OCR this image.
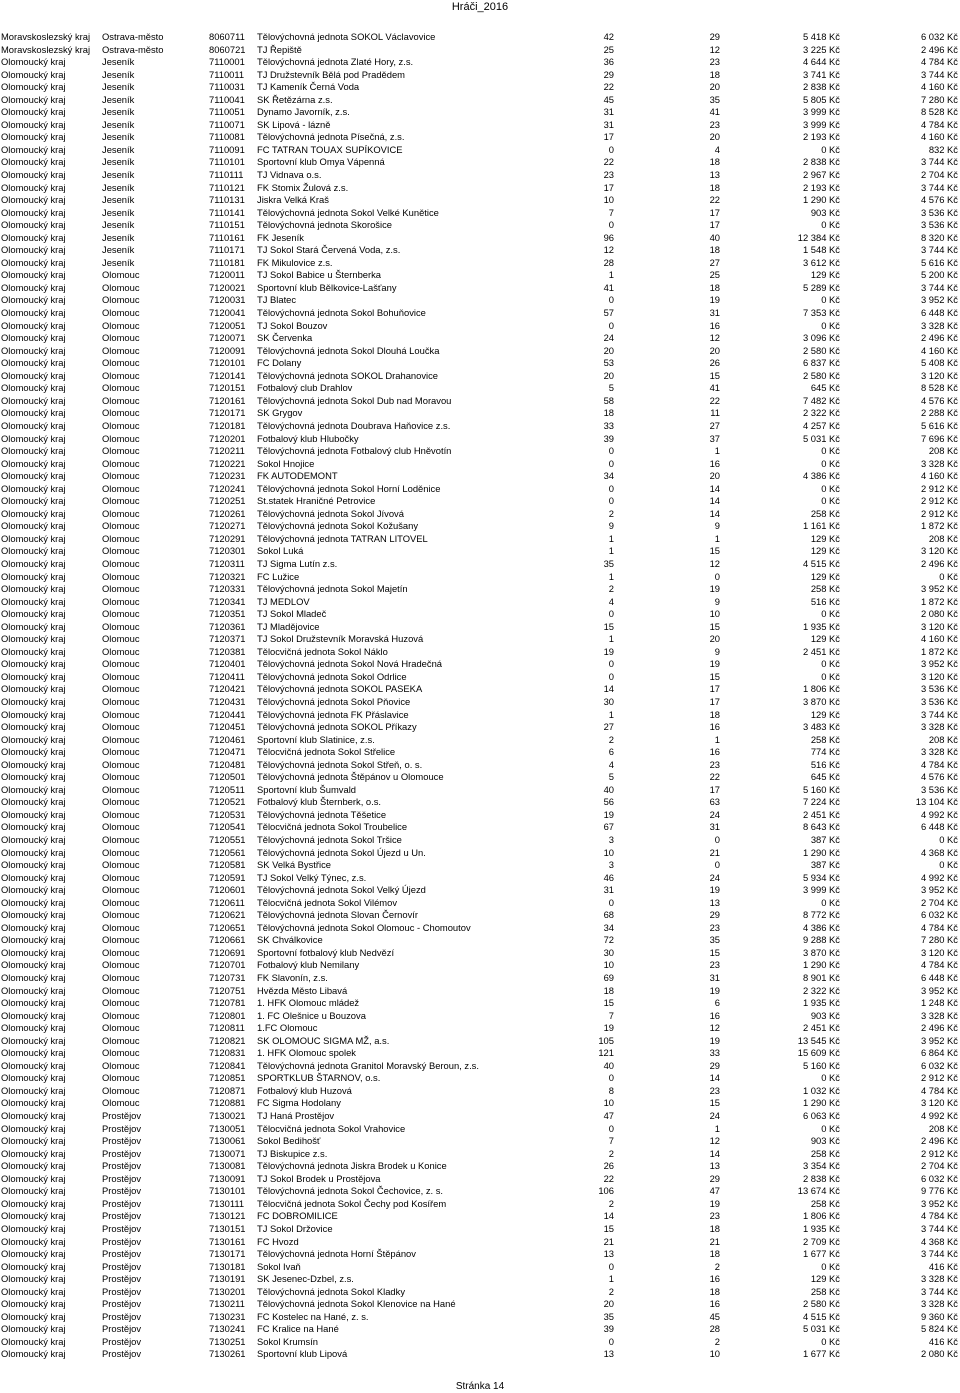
Hráči_2016
Moravskoslezský kraj	Ostrava-město	8060711	Tělovýchovná jednota SOKOL Václavovice	42	29	5 418 Kč	6 032 Kč
Moravskoslezský kraj	Ostrava-město	8060721	TJ Řepiště	25	12	3 225 Kč	2 496 Kč
Olomoucký kraj	Jeseník	7110001	Tělovýchovná jednota Zlaté Hory, z.s.	36	23	4 644 Kč	4 784 Kč
Olomoucký kraj	Jeseník	7110011	TJ Družstevník Bělá pod Pradědem	29	18	3 741 Kč	3 744 Kč
Olomoucký kraj	Jeseník	7110031	TJ Kameník Černá Voda	22	20	2 838 Kč	4 160 Kč
Olomoucký kraj	Jeseník	7110041	SK Řetězárna z.s.	45	35	5 805 Kč	7 280 Kč
Olomoucký kraj	Jeseník	7110051	Dynamo Javorník, z.s.	31	41	3 999 Kč	8 528 Kč
Olomoucký kraj	Jeseník	7110071	SK Lipová - lázně	31	23	3 999 Kč	4 784 Kč
Olomoucký kraj	Jeseník	7110081	Tělovýchovná jednota Písečná, z.s.	17	20	2 193 Kč	4 160 Kč
Olomoucký kraj	Jeseník	7110091	FC TATRAN TOUAX SUPÍKOVICE	0	4	0 Kč	832 Kč
Olomoucký kraj	Jeseník	7110101	Sportovní klub Omya Vápenná	22	18	2 838 Kč	3 744 Kč
Olomoucký kraj	Jeseník	7110111	TJ Vidnava o.s.	23	13	2 967 Kč	2 704 Kč
Olomoucký kraj	Jeseník	7110121	FK Stomix Žulová z.s.	17	18	2 193 Kč	3 744 Kč
Olomoucký kraj	Jeseník	7110131	Jiskra Velká Kraš	10	22	1 290 Kč	4 576 Kč
Olomoucký kraj	Jeseník	7110141	Tělovýchovná jednota Sokol Velké Kunětice	7	17	903 Kč	3 536 Kč
Olomoucký kraj	Jeseník	7110151	Tělovýchovná jednota Skorošice	0	17	0 Kč	3 536 Kč
Olomoucký kraj	Jeseník	7110161	FK Jeseník	96	40	12 384 Kč	8 320 Kč
Olomoucký kraj	Jeseník	7110171	TJ Sokol Stará Červená Voda, z.s.	12	18	1 548 Kč	3 744 Kč
Olomoucký kraj	Jeseník	7110181	FK Mikulovice z.s.	28	27	3 612 Kč	5 616 Kč
Olomoucký kraj	Olomouc	7120011	TJ Sokol Babice u Šternberka	1	25	129 Kč	5 200 Kč
Olomoucký kraj	Olomouc	7120021	Sportovní klub Bělkovice-Lašťany	41	18	5 289 Kč	3 744 Kč
Olomoucký kraj	Olomouc	7120031	TJ Blatec	0	19	0 Kč	3 952 Kč
Olomoucký kraj	Olomouc	7120041	Tělovýchovná jednota Sokol Bohuňovice	57	31	7 353 Kč	6 448 Kč
Olomoucký kraj	Olomouc	7120051	TJ Sokol Bouzov	0	16	0 Kč	3 328 Kč
Olomoucký kraj	Olomouc	7120071	SK Červenka	24	12	3 096 Kč	2 496 Kč
Olomoucký kraj	Olomouc	7120091	Tělovýchovná jednota Sokol Dlouhá Loučka	20	20	2 580 Kč	4 160 Kč
Olomoucký kraj	Olomouc	7120101	FC Dolany	53	26	6 837 Kč	5 408 Kč
Olomoucký kraj	Olomouc	7120141	Tělovýchovná jednota SOKOL Drahanovice	20	15	2 580 Kč	3 120 Kč
Olomoucký kraj	Olomouc	7120151	Fotbalový club Drahlov	5	41	645 Kč	8 528 Kč
Olomoucký kraj	Olomouc	7120161	Tělovýchovná jednota Sokol Dub nad Moravou	58	22	7 482 Kč	4 576 Kč
Olomoucký kraj	Olomouc	7120171	SK Grygov	18	11	2 322 Kč	2 288 Kč
Olomoucký kraj	Olomouc	7120181	Tělovýchovná jednota Doubrava Haňovice z.s.	33	27	4 257 Kč	5 616 Kč
Olomoucký kraj	Olomouc	7120201	Fotbalový klub Hlubočky	39	37	5 031 Kč	7 696 Kč
Olomoucký kraj	Olomouc	7120211	Tělovýchovná jednota Fotbalový club Hněvotín	0	1	0 Kč	208 Kč
Olomoucký kraj	Olomouc	7120221	Sokol Hnojice	0	16	0 Kč	3 328 Kč
Olomoucký kraj	Olomouc	7120231	FK AUTODEMONT	34	20	4 386 Kč	4 160 Kč
Olomoucký kraj	Olomouc	7120241	Tělovýchovná jednota Sokol Horní Loděnice	0	14	0 Kč	2 912 Kč
Olomoucký kraj	Olomouc	7120251	St.statek Hraničné Petrovice	0	14	0 Kč	2 912 Kč
Olomoucký kraj	Olomouc	7120261	Tělovýchovná jednota Sokol Jívová	2	14	258 Kč	2 912 Kč
Olomoucký kraj	Olomouc	7120271	Tělovýchovná jednota Sokol Kožušany	9	9	1 161 Kč	1 872 Kč
Olomoucký kraj	Olomouc	7120291	Tělovýchovná jednota TATRAN LITOVEL	1	1	129 Kč	208 Kč
Olomoucký kraj	Olomouc	7120301	Sokol Luká	1	15	129 Kč	3 120 Kč
Olomoucký kraj	Olomouc	7120311	TJ Sigma Lutín z.s.	35	12	4 515 Kč	2 496 Kč
Olomoucký kraj	Olomouc	7120321	FC Lužice	1	0	129 Kč	0 Kč
Olomoucký kraj	Olomouc	7120331	Tělovýchovná jednota Sokol Majetín	2	19	258 Kč	3 952 Kč
Olomoucký kraj	Olomouc	7120341	TJ MEDLOV	4	9	516 Kč	1 872 Kč
Olomoucký kraj	Olomouc	7120351	TJ Sokol Mladeč	0	10	0 Kč	2 080 Kč
Olomoucký kraj	Olomouc	7120361	TJ Mladějovice	15	15	1 935 Kč	3 120 Kč
Olomoucký kraj	Olomouc	7120371	TJ Sokol Družstevník Moravská Huzová	1	20	129 Kč	4 160 Kč
Olomoucký kraj	Olomouc	7120381	Tělocvičná jednota Sokol Náklo	19	9	2 451 Kč	1 872 Kč
Olomoucký kraj	Olomouc	7120401	Tělovýchovná jednota Sokol Nová Hradečná	0	19	0 Kč	3 952 Kč
Olomoucký kraj	Olomouc	7120411	Tělovýchovná jednota Sokol Odrlice	0	15	0 Kč	3 120 Kč
Olomoucký kraj	Olomouc	7120421	Tělovýchovná jednota SOKOL PASEKA	14	17	1 806 Kč	3 536 Kč
Olomoucký kraj	Olomouc	7120431	Tělovýchovná jednota Sokol Pňovice	30	17	3 870 Kč	3 536 Kč
Olomoucký kraj	Olomouc	7120441	Tělovýchovná jednota FK Přáslavice	1	18	129 Kč	3 744 Kč
Olomoucký kraj	Olomouc	7120451	Tělovýchovná jednota SOKOL Příkazy	27	16	3 483 Kč	3 328 Kč
Olomoucký kraj	Olomouc	7120461	Sportovní klub Slatinice, z.s.	2	1	258 Kč	208 Kč
Olomoucký kraj	Olomouc	7120471	Tělocvičná jednota Sokol Střelice	6	16	774 Kč	3 328 Kč
Olomoucký kraj	Olomouc	7120481	Tělovýchovná jednota Sokol Střeň, o. s.	4	23	516 Kč	4 784 Kč
Olomoucký kraj	Olomouc	7120501	Tělovýchovná jednota Štěpánov u Olomouce	5	22	645 Kč	4 576 Kč
Olomoucký kraj	Olomouc	7120511	Sportovní klub Šumvald	40	17	5 160 Kč	3 536 Kč
Olomoucký kraj	Olomouc	7120521	Fotbalový klub Šternberk, o.s.	56	63	7 224 Kč	13 104 Kč
Olomoucký kraj	Olomouc	7120531	Tělovýchovná jednota Těšetice	19	24	2 451 Kč	4 992 Kč
Olomoucký kraj	Olomouc	7120541	Tělocvičná jednota Sokol Troubelice	67	31	8 643 Kč	6 448 Kč
Olomoucký kraj	Olomouc	7120551	Tělovýchovná jednota Sokol Tršice	3	0	387 Kč	0 Kč
Olomoucký kraj	Olomouc	7120561	Tělovýchovná jednota Sokol Újezd u Un.	10	21	1 290 Kč	4 368 Kč
Olomoucký kraj	Olomouc	7120581	SK Velká Bystřice	3	0	387 Kč	0 Kč
Olomoucký kraj	Olomouc	7120591	TJ Sokol Velký Týnec, z.s.	46	24	5 934 Kč	4 992 Kč
Olomoucký kraj	Olomouc	7120601	Tělovýchovná jednota Sokol Velký Újezd	31	19	3 999 Kč	3 952 Kč
Olomoucký kraj	Olomouc	7120611	Tělocvičná jednota Sokol Vilémov	0	13	0 Kč	2 704 Kč
Olomoucký kraj	Olomouc	7120621	Tělovýchovná jednota Slovan Černovír	68	29	8 772 Kč	6 032 Kč
Olomoucký kraj	Olomouc	7120651	Tělovýchovná jednota Sokol Olomouc - Chomoutov	34	23	4 386 Kč	4 784 Kč
Olomoucký kraj	Olomouc	7120661	SK Chválkovice	72	35	9 288 Kč	7 280 Kč
Olomoucký kraj	Olomouc	7120691	Sportovní fotbalový klub Nedvězí	30	15	3 870 Kč	3 120 Kč
Olomoucký kraj	Olomouc	7120701	Fotbalový klub Nemilany	10	23	1 290 Kč	4 784 Kč
Olomoucký kraj	Olomouc	7120731	FK Slavonín, z.s.	69	31	8 901 Kč	6 448 Kč
Olomoucký kraj	Olomouc	7120751	Hvězda Město Libavá	18	19	2 322 Kč	3 952 Kč
Olomoucký kraj	Olomouc	7120781	1. HFK Olomouc mládež	15	6	1 935 Kč	1 248 Kč
Olomoucký kraj	Olomouc	7120801	1. FC Olešnice u Bouzova	7	16	903 Kč	3 328 Kč
Olomoucký kraj	Olomouc	7120811	1.FC Olomouc	19	12	2 451 Kč	2 496 Kč
Olomoucký kraj	Olomouc	7120821	SK OLOMOUC SIGMA MŽ, a.s.	105	19	13 545 Kč	3 952 Kč
Olomoucký kraj	Olomouc	7120831	1. HFK Olomouc spolek	121	33	15 609 Kč	6 864 Kč
Olomoucký kraj	Olomouc	7120841	Tělovýchovná jednota Granitol Moravský Beroun, z.s.	40	29	5 160 Kč	6 032 Kč
Olomoucký kraj	Olomouc	7120851	SPORTKLUB ŠTARNOV, o.s.	0	14	0 Kč	2 912 Kč
Olomoucký kraj	Olomouc	7120871	Fotbalový klub Huzová	8	23	1 032 Kč	4 784 Kč
Olomoucký kraj	Olomouc	7120881	FC Sigma Hodolany	10	15	1 290 Kč	3 120 Kč
Olomoucký kraj	Prostějov	7130021	TJ Haná Prostějov	47	24	6 063 Kč	4 992 Kč
Olomoucký kraj	Prostějov	7130051	Tělocvičná jednota Sokol Vrahovice	0	1	0 Kč	208 Kč
Olomoucký kraj	Prostějov	7130061	Sokol Bedihošť	7	12	903 Kč	2 496 Kč
Olomoucký kraj	Prostějov	7130071	TJ Biskupice z.s.	2	14	258 Kč	2 912 Kč
Olomoucký kraj	Prostějov	7130081	Tělovýchovná jednota Jiskra Brodek u Konice	26	13	3 354 Kč	2 704 Kč
Olomoucký kraj	Prostějov	7130091	TJ Sokol Brodek u Prostějova	22	29	2 838 Kč	6 032 Kč
Olomoucký kraj	Prostějov	7130101	Tělovýchovná jednota Sokol Čechovice, z. s.	106	47	13 674 Kč	9 776 Kč
Olomoucký kraj	Prostějov	7130111	Tělocvičná jednota Sokol Čechy pod Kosířem	2	19	258 Kč	3 952 Kč
Olomoucký kraj	Prostějov	7130121	FC DOBROMILICE	14	23	1 806 Kč	4 784 Kč
Olomoucký kraj	Prostějov	7130151	TJ Sokol Držovice	15	18	1 935 Kč	3 744 Kč
Olomoucký kraj	Prostějov	7130161	FC Hvozd	21	21	2 709 Kč	4 368 Kč
Olomoucký kraj	Prostějov	7130171	Tělovýchovná jednota Horní Štěpánov	13	18	1 677 Kč	3 744 Kč
Olomoucký kraj	Prostějov	7130181	Sokol Ivaň	0	2	0 Kč	416 Kč
Olomoucký kraj	Prostějov	7130191	SK Jesenec-Dzbel, z.s.	1	16	129 Kč	3 328 Kč
Olomoucký kraj	Prostějov	7130201	Tělovýchovná jednota Sokol Kladky	2	18	258 Kč	3 744 Kč
Olomoucký kraj	Prostějov	7130211	Tělovýchovná jednota Sokol Klenovice na Hané	20	16	2 580 Kč	3 328 Kč
Olomoucký kraj	Prostějov	7130231	FC Kostelec na Hané, z. s.	35	45	4 515 Kč	9 360 Kč
Olomoucký kraj	Prostějov	7130241	FC Kralice na Hané	39	28	5 031 Kč	5 824 Kč
Olomoucký kraj	Prostějov	7130251	Sokol Krumsín	0	2	0 Kč	416 Kč
Olomoucký kraj	Prostějov	7130261	Sportovní klub Lipová	13	10	1 677 Kč	2 080 Kč
Stránka 14
